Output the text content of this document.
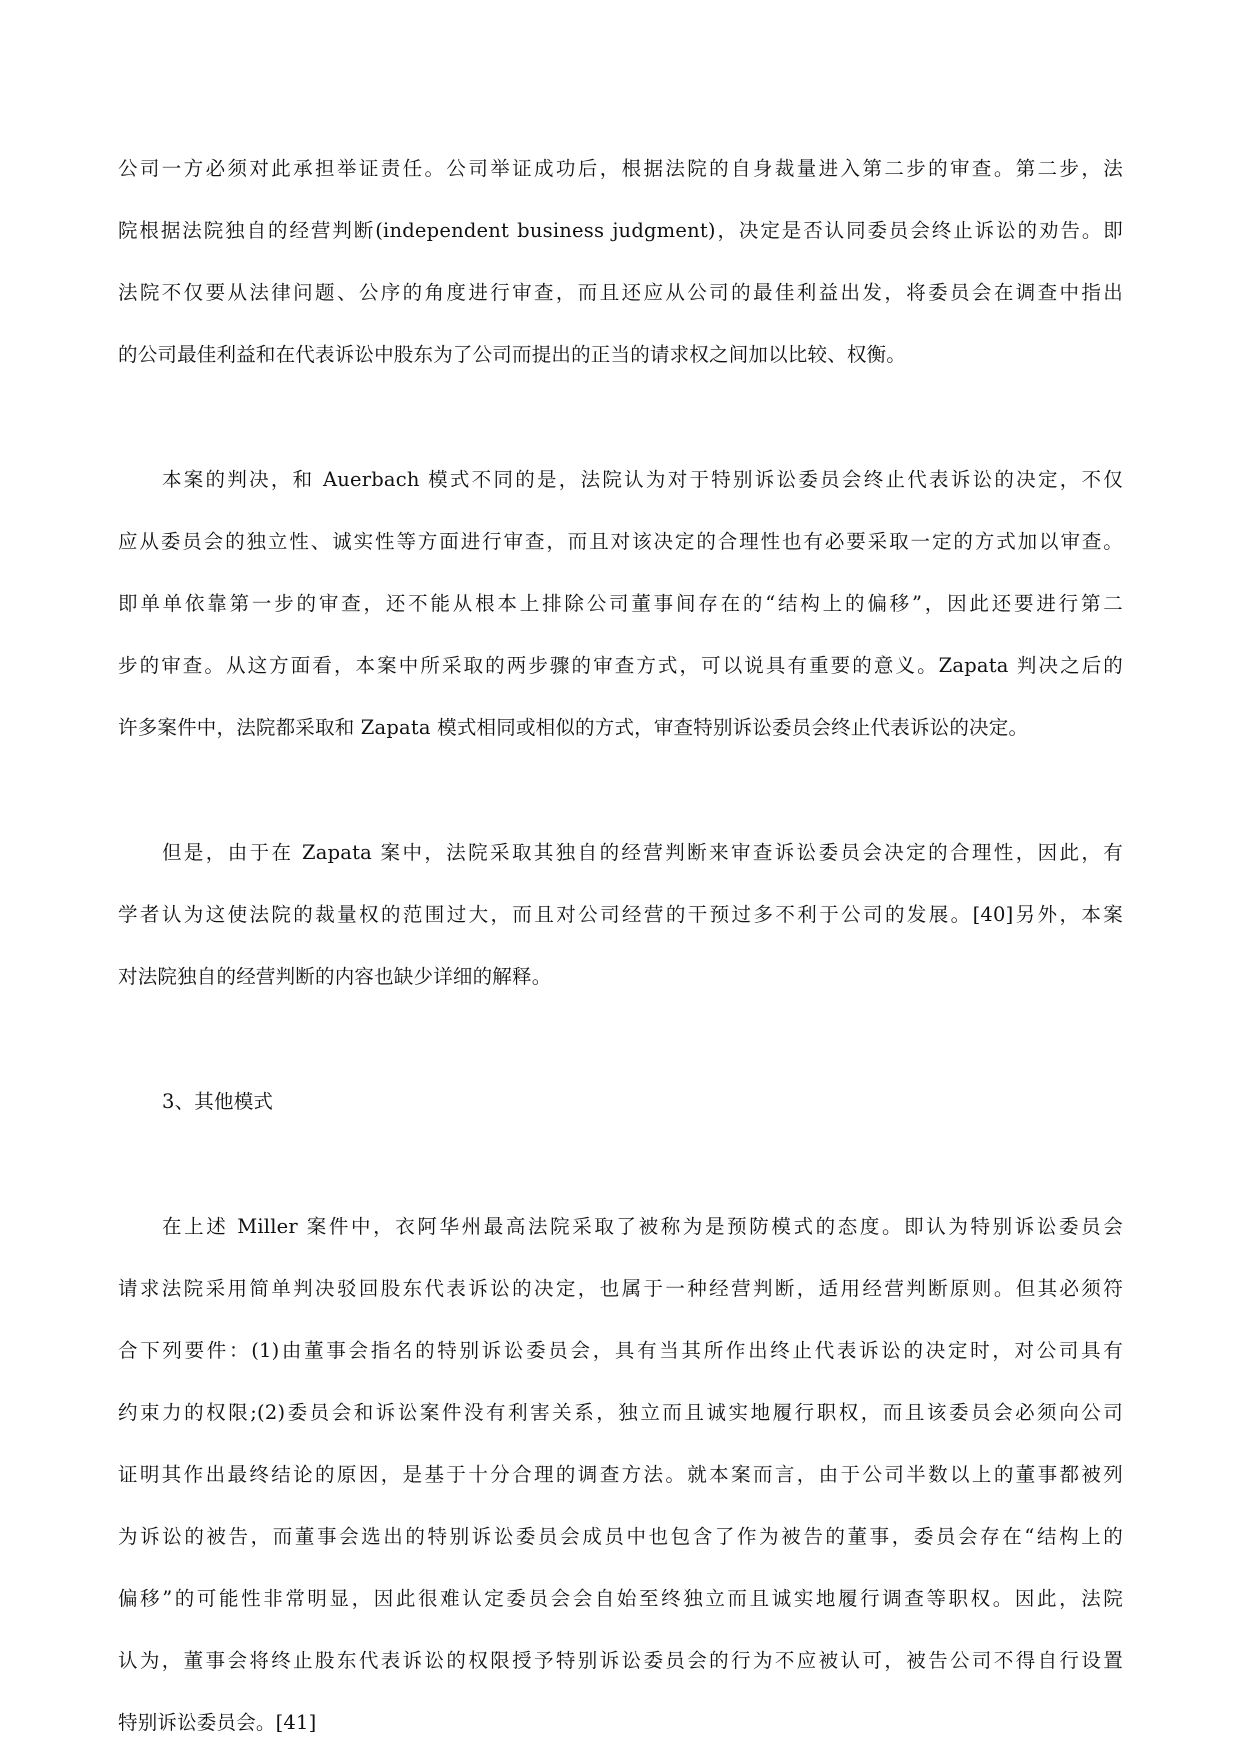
公司一方必须对此承担举证责任。公司举证成功后，根据法院的自身裁量进入第二步的审查。第二步，法
院根据法院独自的经营判断(independent business judgment)，决定是否认同委员会终止诉讼的劝告。即
法院不仅要从法律问题、公序的角度进行审查，而且还应从公司的最佳利益出发，将委员会在调查中指出
的公司最佳利益和在代表诉讼中股东为了公司而提出的正当的请求权之间加以比较、权衡。
本案的判决，和 Auerbach 模式不同的是，法院认为对于特别诉讼委员会终止代表诉讼的决定，不仅
应从委员会的独立性、诚实性等方面进行审查，而且对该决定的合理性也有必要采取一定的方式加以审查。
即单单依靠第一步的审查，还不能从根本上排除公司董事间存在的“结构上的偏移”，因此还要进行第二
步的审查。从这方面看，本案中所采取的两步骤的审查方式，可以说具有重要的意义。Zapata 判决之后的
许多案件中，法院都采取和 Zapata 模式相同或相似的方式，审查特别诉讼委员会终止代表诉讼的决定。
但是，由于在 Zapata 案中，法院采取其独自的经营判断来审查诉讼委员会决定的合理性，因此，有
学者认为这使法院的裁量权的范围过大，而且对公司经营的干预过多不利于公司的发展。[40]另外，本案
对法院独自的经营判断的内容也缺少详细的解释。
3、其他模式
在上述 Miller 案件中，衣阿华州最高法院采取了被称为是预防模式的态度。即认为特别诉讼委员会
请求法院采用简单判决驳回股东代表诉讼的决定，也属于一种经营判断，适用经营判断原则。但其必须符
合下列要件：(1)由董事会指名的特别诉讼委员会，具有当其所作出终止代表诉讼的决定时，对公司具有
约束力的权限;(2)委员会和诉讼案件没有利害关系，独立而且诚实地履行职权，而且该委员会必须向公司
证明其作出最终结论的原因，是基于十分合理的调查方法。就本案而言，由于公司半数以上的董事都被列
为诉讼的被告，而董事会选出的特别诉讼委员会成员中也包含了作为被告的董事，委员会存在“结构上的
偏移”的可能性非常明显，因此很难认定委员会会自始至终独立而且诚实地履行调查等职权。因此，法院
认为，董事会将终止股东代表诉讼的权限授予特别诉讼委员会的行为不应被认可，被告公司不得自行设置
特别诉讼委员会。[41]
